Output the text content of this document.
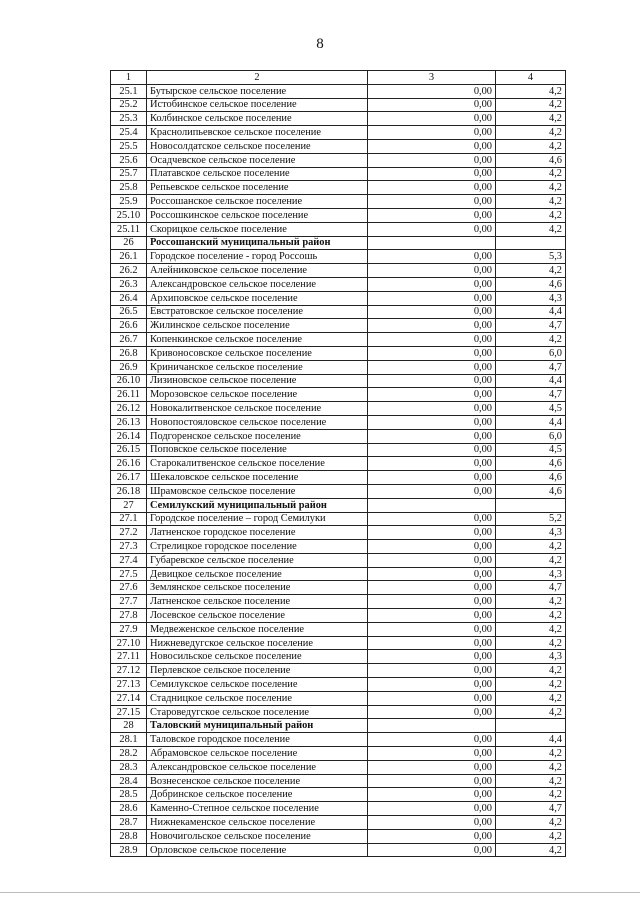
8
1	2	3	4
25.1	Бутырское сельское поселение	0,00	4,2
25.2	Истобинское сельское поселение	0,00	4,2
25.3	Колбинское сельское поселение	0,00	4,2
25.4	Краснолипьевское сельское поселение	0,00	4,2
25.5	Новосолдатское сельское поселение	0,00	4,2
25.6	Осадчевское сельское поселение	0,00	4,6
25.7	Платавское сельское поселение	0,00	4,2
25.8	Репьевское сельское поселение	0,00	4,2
25.9	Россошанское сельское поселение	0,00	4,2
25.10	Россошкинское сельское поселение	0,00	4,2
25.11	Скорицкое сельское поселение	0,00	4,2
26	Россошанский муниципальный район		
26.1	Городское поселение - город Россошь	0,00	5,3
26.2	Алейниковское сельское поселение	0,00	4,2
26.3	Александровское сельское поселение	0,00	4,6
26.4	Архиповское сельское поселение	0,00	4,3
26.5	Евстратовское сельское поселение	0,00	4,4
26.6	Жилинское сельское поселение	0,00	4,7
26.7	Копенкинское сельское поселение	0,00	4,2
26.8	Кривоносовское сельское поселение	0,00	6,0
26.9	Криничанское сельское поселение	0,00	4,7
26.10	Лизиновское сельское поселение	0,00	4,4
26.11	Морозовское сельское поселение	0,00	4,7
26.12	Новокалитвенское сельское поселение	0,00	4,5
26.13	Новопостояловское сельское поселение	0,00	4,4
26.14	Подгоренское сельское поселение	0,00	6,0
26.15	Поповское сельское поселение	0,00	4,5
26.16	Старокалитвенское сельское поселение	0,00	4,6
26.17	Шекаловское сельское поселение	0,00	4,6
26.18	Шрамовское сельское поселение	0,00	4,6
27	Семилукский муниципальный район		
27.1	Городское поселение – город Семилуки	0,00	5,2
27.2	Латненское городское поселение	0,00	4,3
27.3	Стрелицкое городское поселение	0,00	4,2
27.4	Губаревское сельское поселение	0,00	4,2
27.5	Девицкое сельское поселение	0,00	4,3
27.6	Землянское сельское поселение	0,00	4,7
27.7	Латненское сельское поселение	0,00	4,2
27.8	Лосевское сельское поселение	0,00	4,2
27.9	Медвеженское сельское поселение	0,00	4,2
27.10	Нижневедугское сельское поселение	0,00	4,2
27.11	Новосильское сельское поселение	0,00	4,3
27.12	Перлевское сельское поселение	0,00	4,2
27.13	Семилукское сельское поселение	0,00	4,2
27.14	Стадницкое сельское поселение	0,00	4,2
27.15	Староведугское сельское поселение	0,00	4,2
28	Таловский муниципальный район		
28.1	Таловское городское поселение	0,00	4,4
28.2	Абрамовское сельское поселение	0,00	4,2
28.3	Александровское сельское поселение	0,00	4,2
28.4	Вознесенское сельское поселение	0,00	4,2
28.5	Добринское сельское поселение	0,00	4,2
28.6	Каменно-Степное сельское поселение	0,00	4,7
28.7	Нижнекаменское сельское поселение	0,00	4,2
28.8	Новочигольское сельское поселение	0,00	4,2
28.9	Орловское сельское поселение	0,00	4,2
